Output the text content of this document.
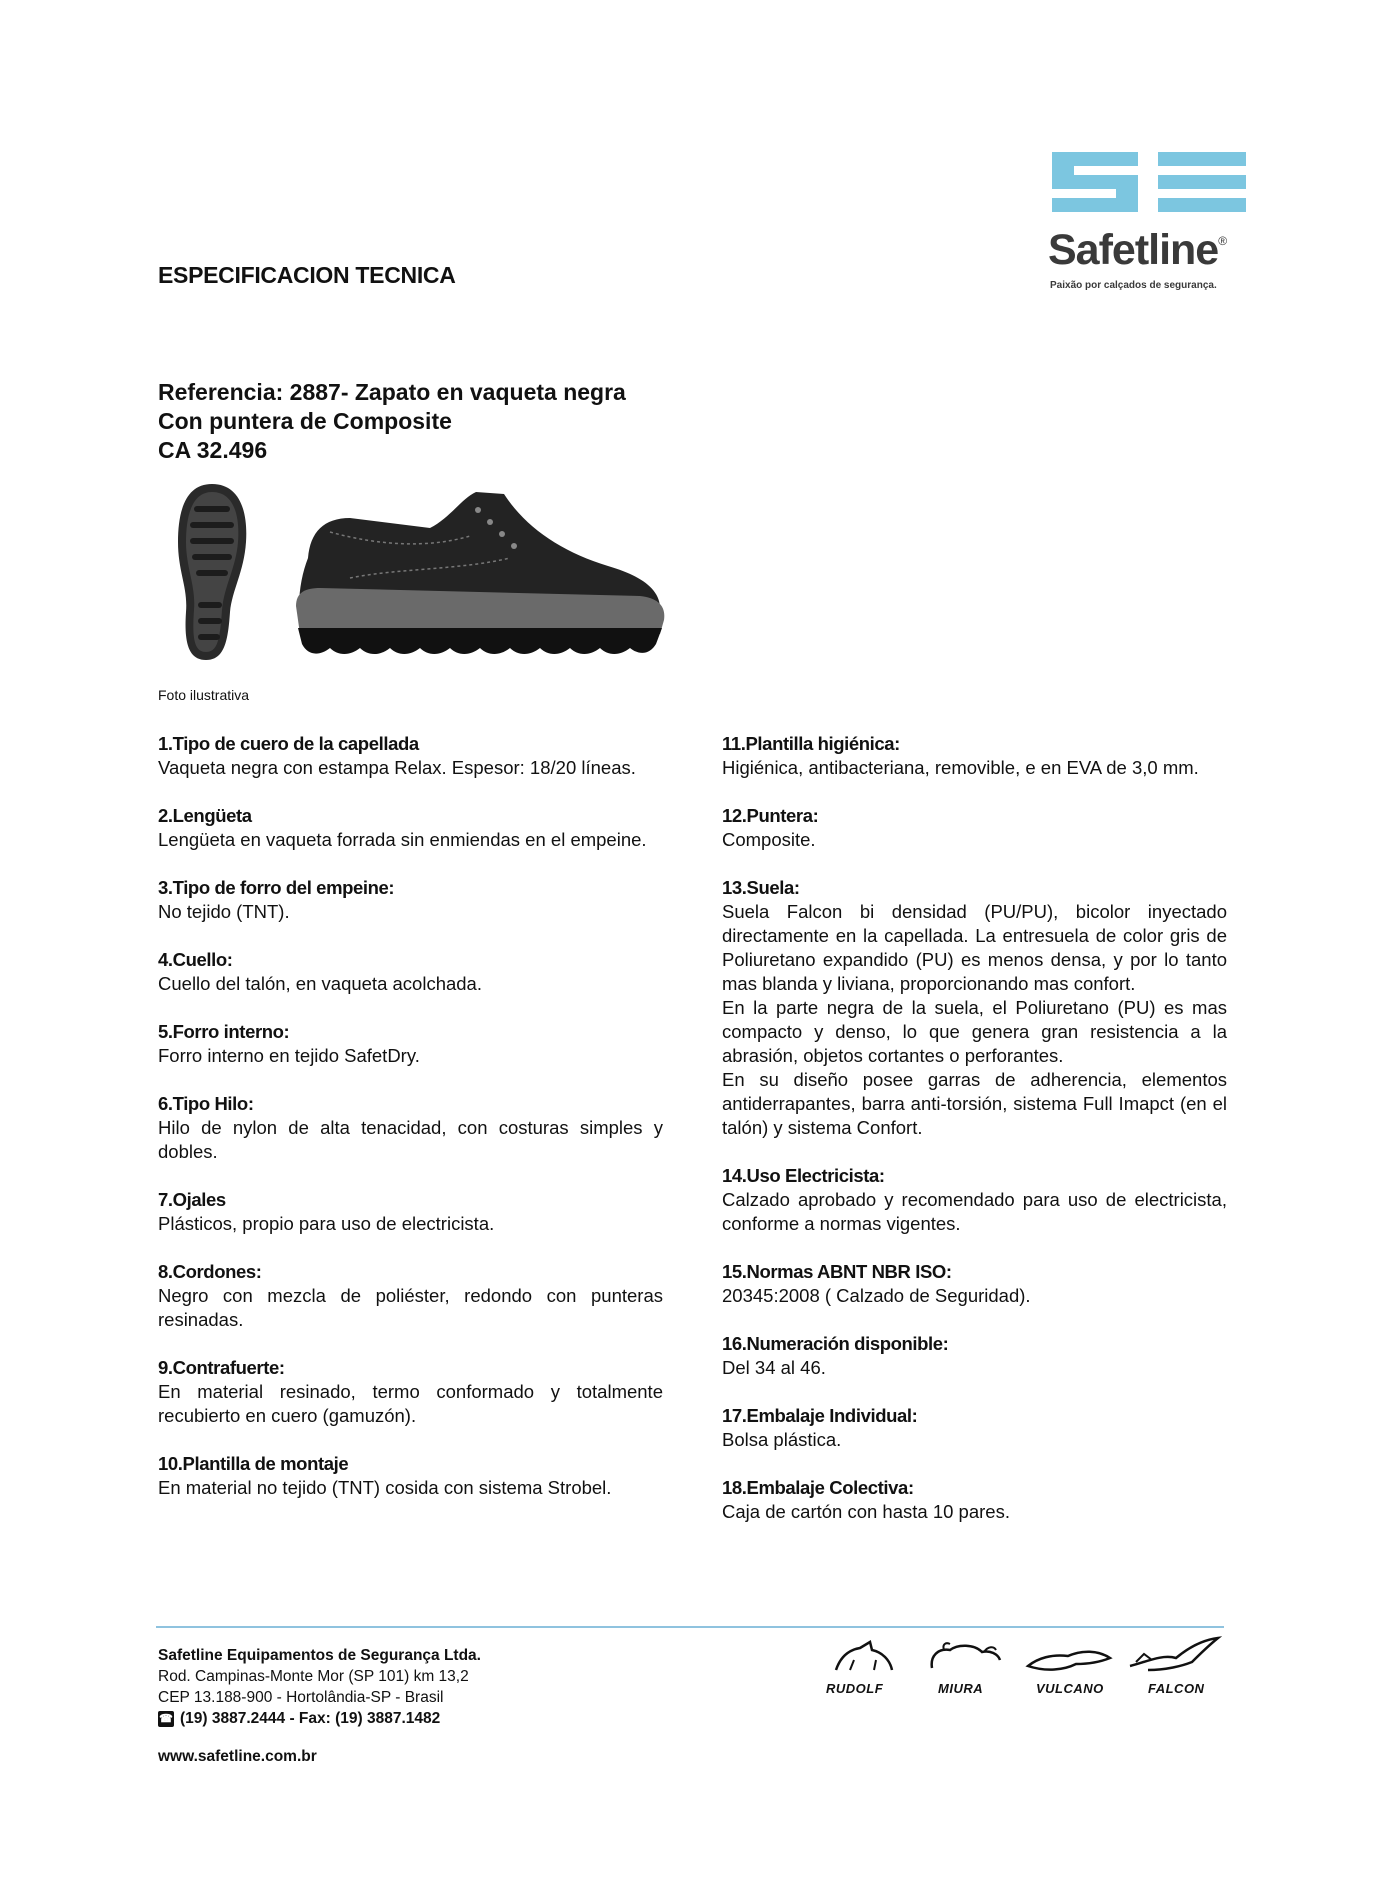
ESPECIFICACION TECNICA
Safetline®
Paixão por calçados de segurança.
Referencia: 2887- Zapato en vaqueta negra
Con puntera de Composite
CA 32.496
Foto ilustrativa
1.Tipo de cuero de la capellada
Vaqueta negra con estampa Relax. Espesor: 18/20 líneas.
2.Lengüeta
Lengüeta en vaqueta forrada sin enmiendas en el empeine.
3.Tipo de forro del empeine:
No tejido (TNT).
4.Cuello:
Cuello del talón, en vaqueta acolchada.
5.Forro interno:
Forro interno en tejido SafetDry.
6.Tipo Hilo:
Hilo de nylon de alta tenacidad, con costuras simples y dobles.
7.Ojales
Plásticos, propio para uso de electricista.
8.Cordones:
Negro con mezcla de poliéster, redondo con punteras resinadas.
9.Contrafuerte:
En material resinado, termo conformado y totalmente recubierto en cuero (gamuzón).
10.Plantilla de montaje
En material no tejido (TNT) cosida con sistema Strobel.
11.Plantilla higiénica:
Higiénica, antibacteriana, removible, e en EVA de 3,0 mm.
12.Puntera:
Composite.
13.Suela:
Suela Falcon bi densidad (PU/PU), bicolor inyectado directamente en la capellada. La entresuela de color gris de Poliuretano expandido (PU) es menos densa, y por lo tanto mas blanda y liviana, proporcionando mas confort.
En la parte negra de la suela, el Poliuretano (PU) es mas compacto y denso, lo que genera gran resistencia a la abrasión, objetos cortantes o perforantes.
En su diseño posee garras de adherencia, elementos antiderrapantes, barra anti-torsión, sistema Full Imapct (en el talón) y sistema Confort.
14.Uso Electricista:
Calzado aprobado y recomendado para uso de electricista, conforme a normas vigentes.
15.Normas ABNT NBR ISO:
20345:2008 ( Calzado de Seguridad).
16.Numeración disponible:
Del 34 al 46.
17.Embalaje Individual:
Bolsa plástica.
18.Embalaje Colectiva:
Caja de cartón con hasta 10 pares.
Safetline Equipamentos de Segurança Ltda.
Rod. Campinas-Monte Mor (SP 101) km 13,2
CEP 13.188-900 - Hortolândia-SP - Brasil
☎ (19) 3887.2444 - Fax: (19) 3887.1482
www.safetline.com.br
RUDOLF	MIURA	VULCANO	FALCON
